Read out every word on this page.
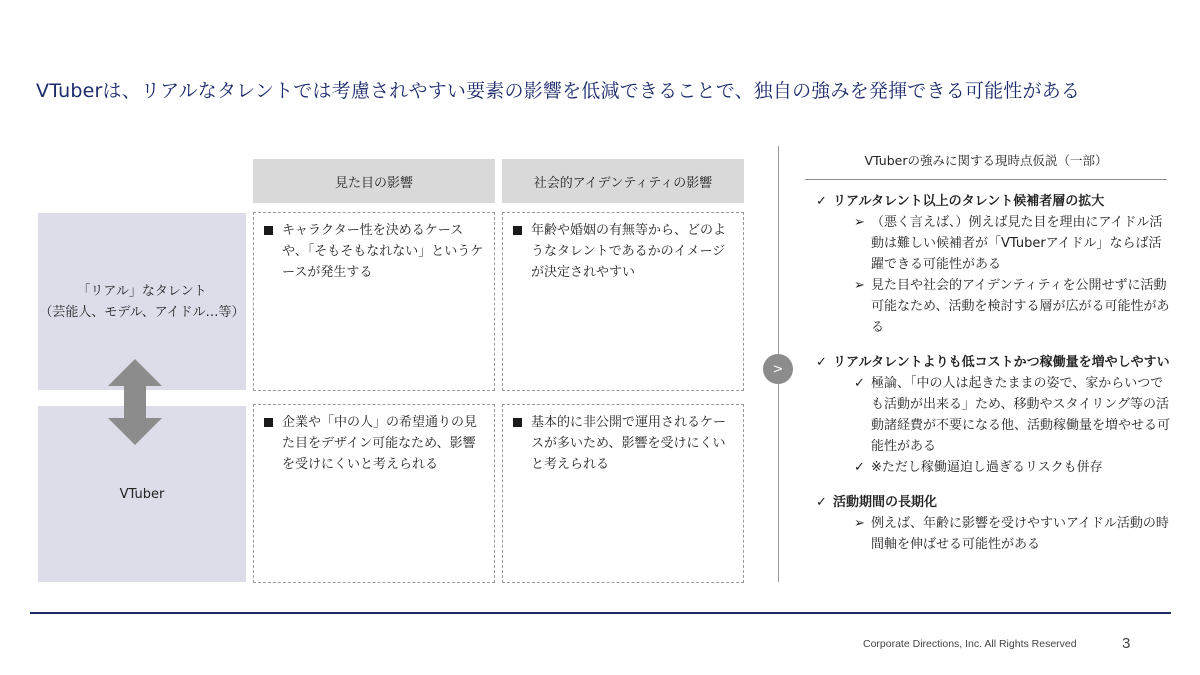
VTuberは、リアルなタレントでは考慮されやすい要素の影響を低減できることで、独自の強みを発揮できる可能性がある
見た目の影響	社会的アイデンティティの影響
「リアル」なタレント
（芸能人、モデル、アイドル…等）
VTuber
キャラクター性を決めるケースや、「そもそもなれない」というケースが発生する
年齢や婚姻の有無等から、どのようなタレントであるかのイメージが決定されやすい
企業や「中の人」の希望通りの見た目をデザイン可能なため、影響を受けにくいと考えられる
基本的に非公開で運用されるケースが多いため、影響を受けにくいと考えられる
>
VTuberの強みに関する現時点仮説（一部）
✓ リアルタレント以上のタレント候補者層の拡大
➢ （悪く言えば、）例えば見た目を理由にアイドル活動は難しい候補者が「VTuberアイドル」ならば活躍できる可能性がある
➢ 見た目や社会的アイデンティティを公開せずに活動可能なため、活動を検討する層が広がる可能性がある
✓ リアルタレントよりも低コストかつ稼働量を増やしやすい
✓ 極論、「中の人は起きたままの姿で、家からいつでも活動が出来る」ため、移動やスタイリング等の活動諸経費が不要になる他、活動稼働量を増やせる可能性がある
✓ ※ただし稼働逼迫し過ぎるリスクも併存
✓ 活動期間の長期化
➢ 例えば、年齢に影響を受けやすいアイドル活動の時間軸を伸ばせる可能性がある
Corporate Directions, Inc. All Rights Reserved	3
